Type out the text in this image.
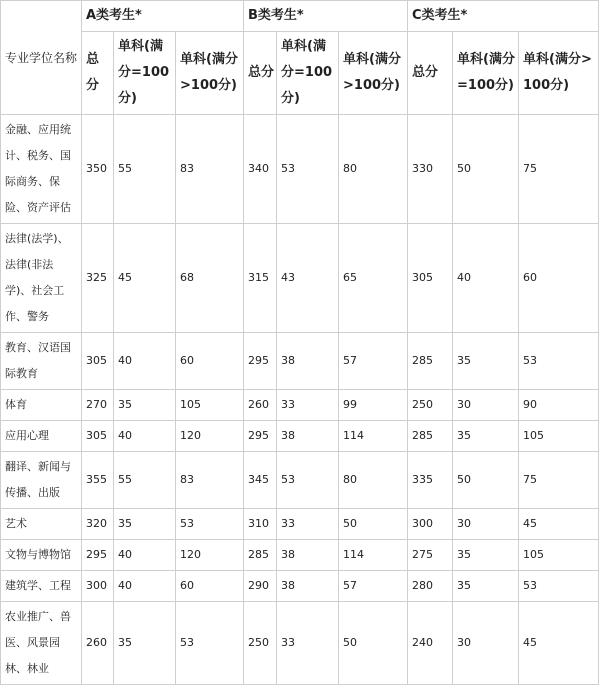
专业学位名称	A类考生*			B类考生*			C类考生*		
	总分	单科(满分=100分)	单科(满分>100分)	总分	单科(满分=100分)	单科(满分>100分)	总分	单科(满分=100分)	单科(满分>100分)
金融、应用统计、税务、国际商务、保险、资产评估	350	55	83	340	53	80	330	50	75
法律(法学)、法律(非法学)、社会工作、警务	325	45	68	315	43	65	305	40	60
教育、汉语国际教育	305	40	60	295	38	57	285	35	53
体育	270	35	105	260	33	99	250	30	90
应用心理	305	40	120	295	38	114	285	35	105
翻译、新闻与传播、出版	355	55	83	345	53	80	335	50	75
艺术	320	35	53	310	33	50	300	30	45
文物与博物馆	295	40	120	285	38	114	275	35	105
建筑学、工程	300	40	60	290	38	57	280	35	53
农业推广、兽医、风景园林、林业	260	35	53	250	33	50	240	30	45
